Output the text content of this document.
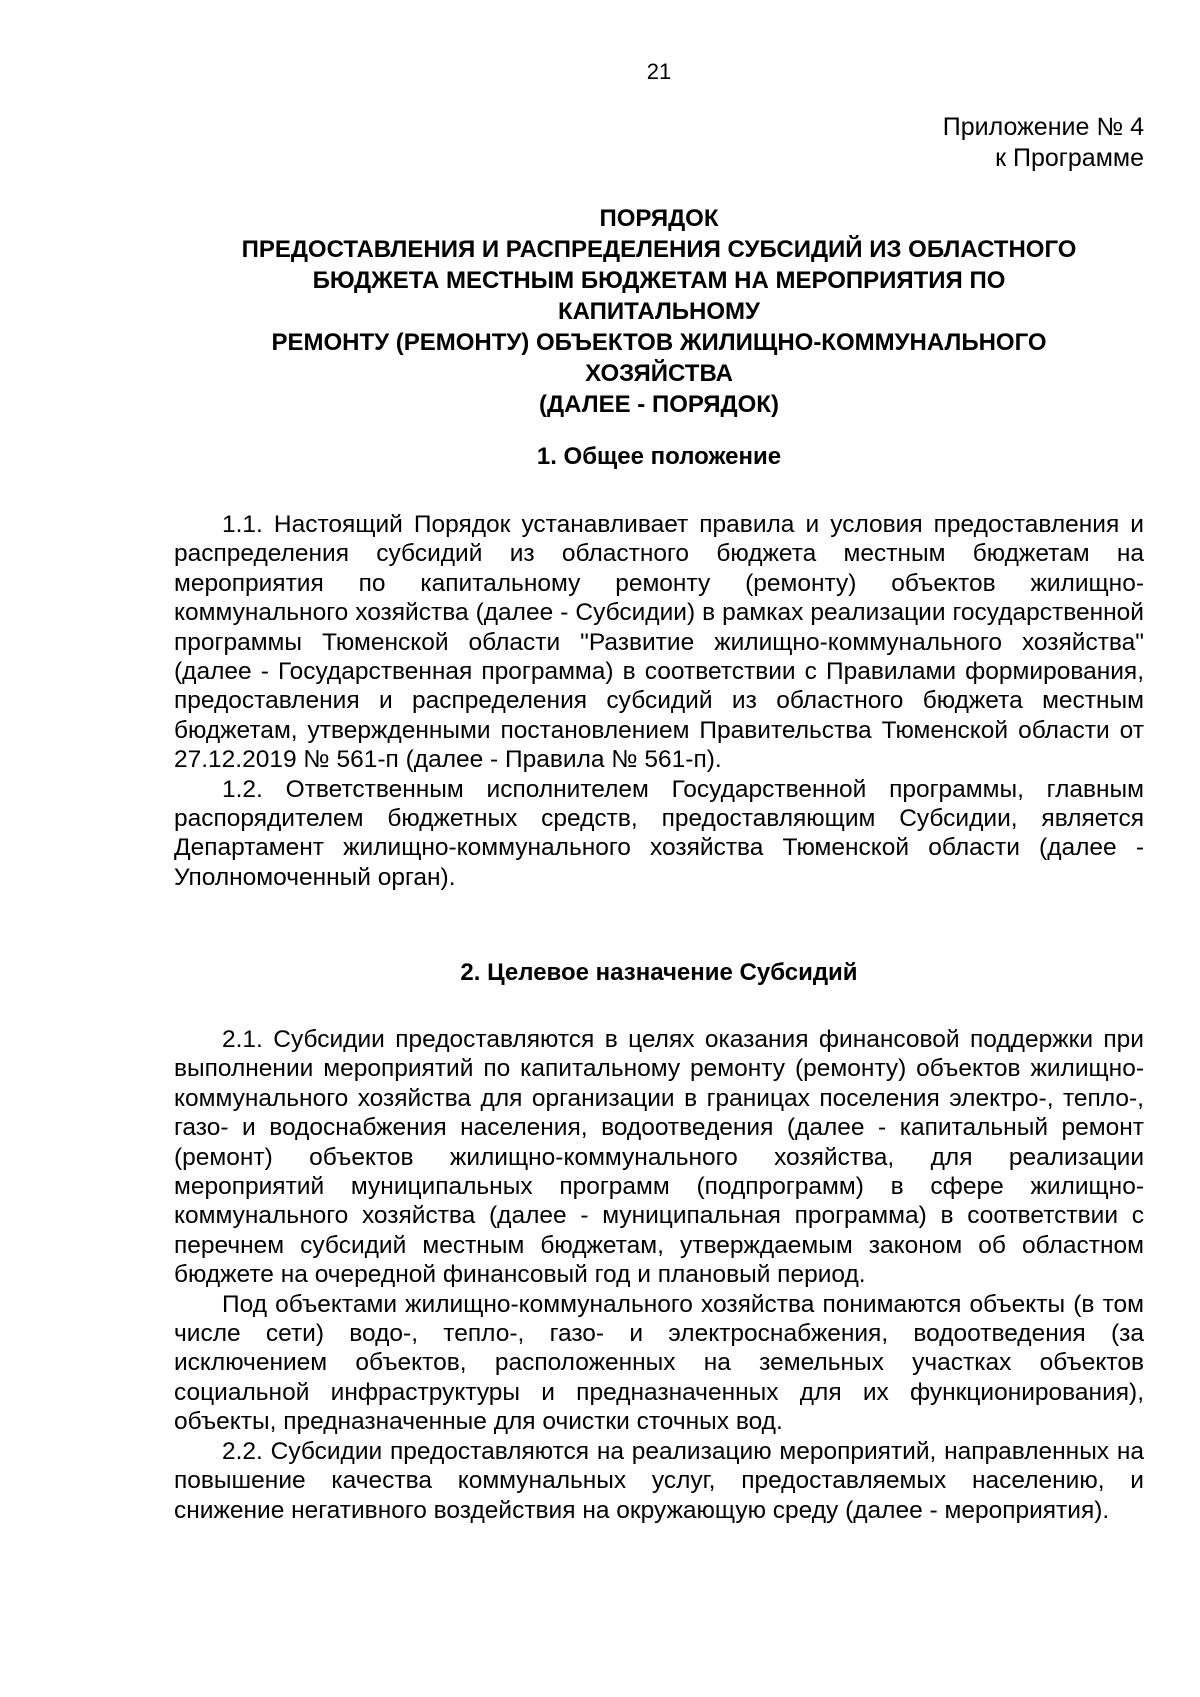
21
Приложение № 4
к Программе
ПОРЯДОК
ПРЕДОСТАВЛЕНИЯ И РАСПРЕДЕЛЕНИЯ СУБСИДИЙ ИЗ ОБЛАСТНОГО
БЮДЖЕТА МЕСТНЫМ БЮДЖЕТАМ НА МЕРОПРИЯТИЯ ПО
КАПИТАЛЬНОМУ
РЕМОНТУ (РЕМОНТУ) ОБЪЕКТОВ ЖИЛИЩНО-КОММУНАЛЬНОГО
ХОЗЯЙСТВА
(ДАЛЕЕ - ПОРЯДОК)
1. Общее положение

1.1. Настоящий Порядок устанавливает правила и условия предоставления и распределения субсидий из областного бюджета местным бюджетам на мероприятия по капитальному ремонту (ремонту) объектов жилищно-коммунального хозяйства (далее - Субсидии) в рамках реализации государственной программы Тюменской области "Развитие жилищно-коммунального хозяйства" (далее - Государственная программа) в соответствии с Правилами формирования, предоставления и распределения субсидий из областного бюджета местным бюджетам, утвержденными постановлением Правительства Тюменской области от 27.12.2019 № 561-п (далее - Правила № 561-п).

1.2. Ответственным исполнителем Государственной программы, главным распорядителем бюджетных средств, предоставляющим Субсидии, является Департамент жилищно-коммунального хозяйства Тюменской области (далее - Уполномоченный орган).

2. Целевое назначение Субсидий

2.1. Субсидии предоставляются в целях оказания финансовой поддержки при выполнении мероприятий по капитальному ремонту (ремонту) объектов жилищно-коммунального хозяйства для организации в границах поселения электро-, тепло-, газо- и водоснабжения населения, водоотведения (далее - капитальный ремонт (ремонт) объектов жилищно-коммунального хозяйства, для реализации мероприятий муниципальных программ (подпрограмм) в сфере жилищно-коммунального хозяйства (далее - муниципальная программа) в соответствии с перечнем субсидий местным бюджетам, утверждаемым законом об областном бюджете на очередной финансовый год и плановый период.

Под объектами жилищно-коммунального хозяйства понимаются объекты (в том числе сети) водо-, тепло-, газо- и электроснабжения, водоотведения (за исключением объектов, расположенных на земельных участках объектов социальной инфраструктуры и предназначенных для их функционирования), объекты, предназначенные для очистки сточных вод.

2.2. Субсидии предоставляются на реализацию мероприятий, направленных на повышение качества коммунальных услуг, предоставляемых населению, и снижение негативного воздействия на окружающую среду (далее - мероприятия).
